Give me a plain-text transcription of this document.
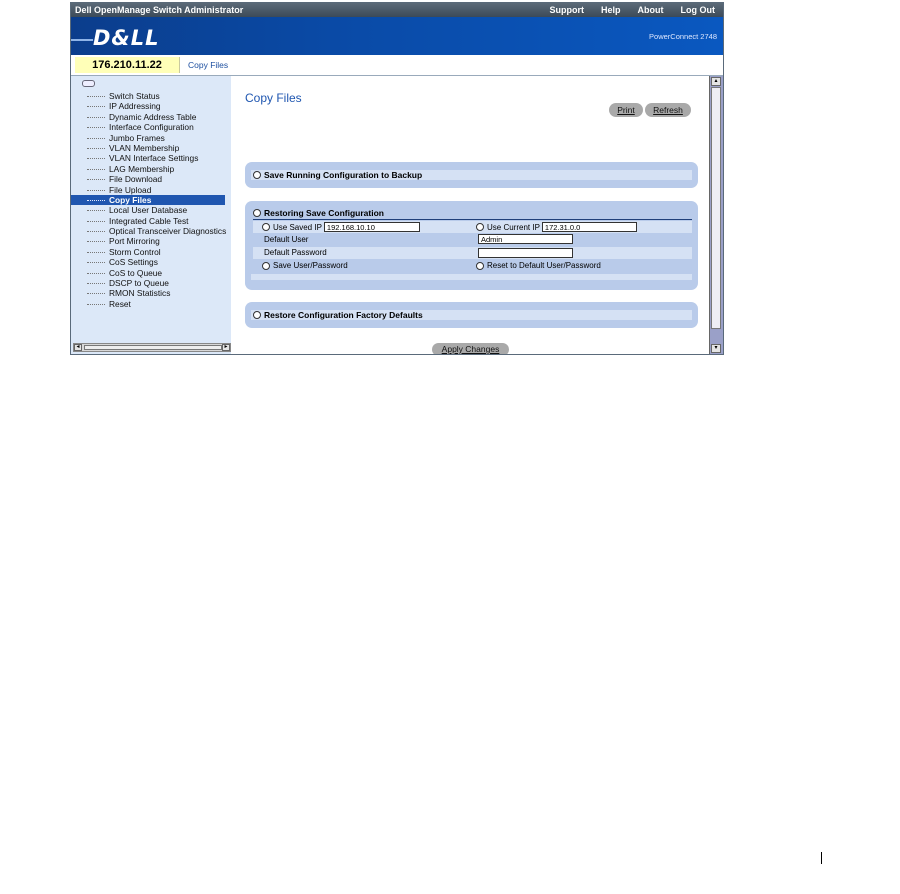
Dell OpenManage Switch Administrator	Support Help About Log Out
D&LL	PowerConnect 2748
176.210.11.22	Copy Files
Switch Status
IP Addressing
Dynamic Address Table
Interface Configuration
Jumbo Frames
VLAN Membership
VLAN Interface Settings
LAG Membership
File Download
File Upload
Copy Files
Local User Database
Integrated Cable Test
Optical Transceiver Diagnostics
Port Mirroring
Storm Control
CoS Settings
CoS to Queue
DSCP to Queue
RMON Statistics
Reset
◂	▸
Copy Files
Print	Refresh
Save Running Configuration to Backup
Restoring Save Configuration
Use Saved IP 192.168.10.10	Use Current IP 172.31.0.0
Default User	Admin
Default Password
Save User/Password	Reset to Default User/Password
Restore Configuration Factory Defaults
Apply Changes
▴
▾
